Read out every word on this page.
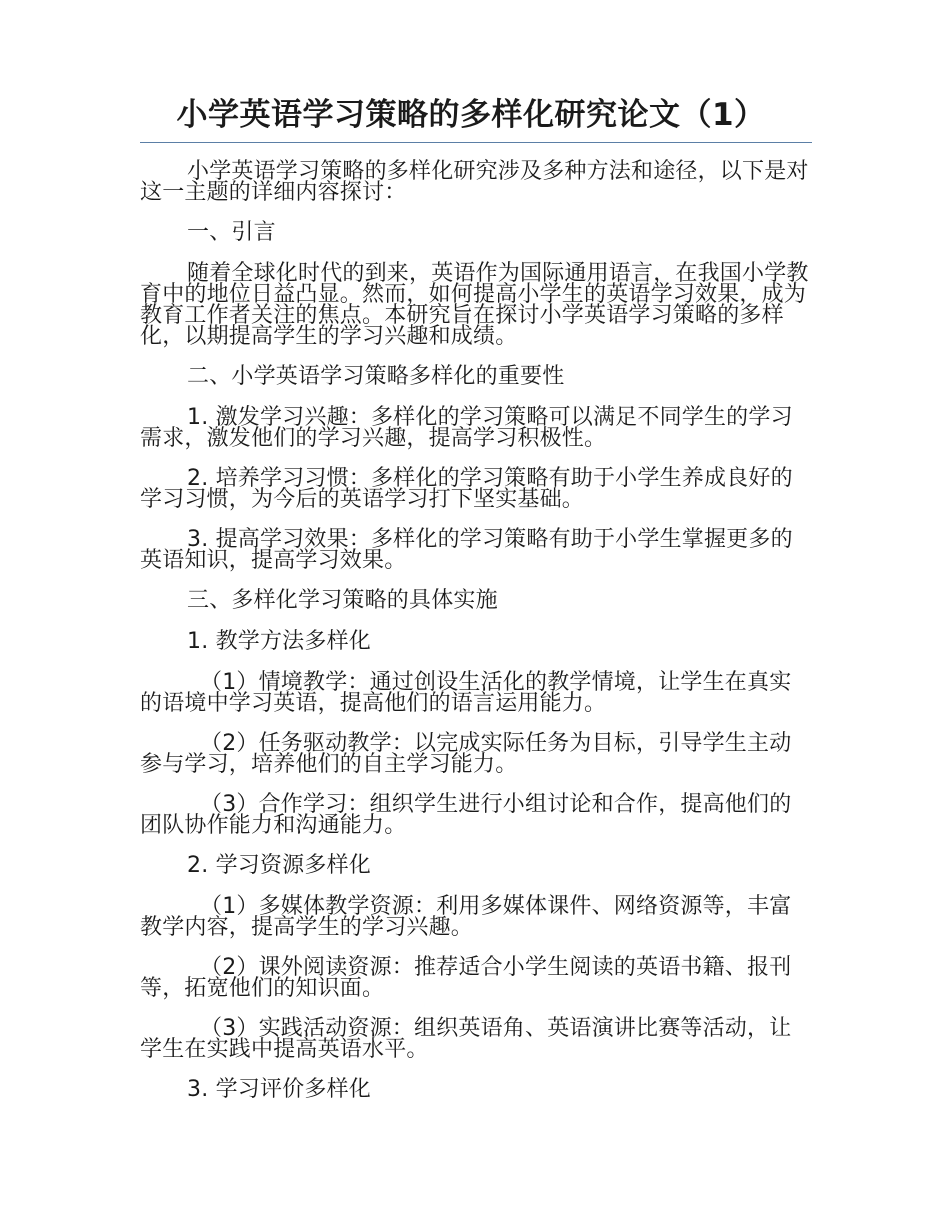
小学英语学习策略的多样化研究论文（1）

小学英语学习策略的多样化研究涉及多种方法和途径，以下是对这一主题的详细内容探讨：

一、引言

随着全球化时代的到来，英语作为国际通用语言，在我国小学教育中的地位日益凸显。然而，如何提高小学生的英语学习效果，成为教育工作者关注的焦点。本研究旨在探讨小学英语学习策略的多样化，以期提高学生的学习兴趣和成绩。

二、小学英语学习策略多样化的重要性

1. 激发学习兴趣：多样化的学习策略可以满足不同学生的学习需求，激发他们的学习兴趣，提高学习积极性。

2. 培养学习习惯：多样化的学习策略有助于小学生养成良好的学习习惯，为今后的英语学习打下坚实基础。

3. 提高学习效果：多样化的学习策略有助于小学生掌握更多的英语知识，提高学习效果。

三、多样化学习策略的具体实施

1. 教学方法多样化

（1）情境教学：通过创设生活化的教学情境，让学生在真实的语境中学习英语，提高他们的语言运用能力。

（2）任务驱动教学：以完成实际任务为目标，引导学生主动参与学习，培养他们的自主学习能力。

（3）合作学习：组织学生进行小组讨论和合作，提高他们的团队协作能力和沟通能力。

2. 学习资源多样化

（1）多媒体教学资源：利用多媒体课件、网络资源等，丰富教学内容，提高学生的学习兴趣。

（2）课外阅读资源：推荐适合小学生阅读的英语书籍、报刊等，拓宽他们的知识面。

（3）实践活动资源：组织英语角、英语演讲比赛等活动，让学生在实践中提高英语水平。

3. 学习评价多样化
